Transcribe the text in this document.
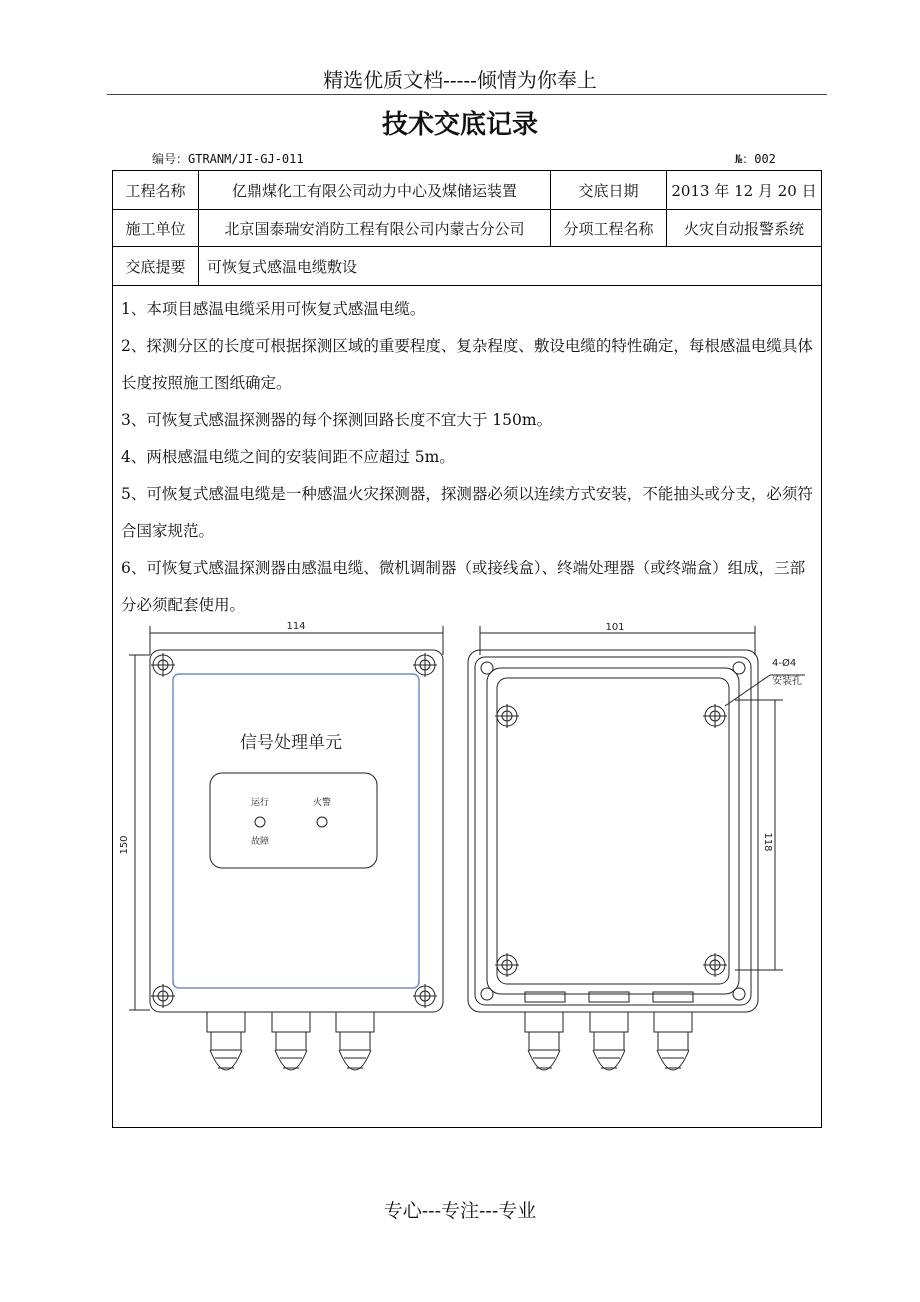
精选优质文档-----倾情为你奉上
技术交底记录
编号：GTRANM/JI-GJ-011	№：002
工程名称	亿鼎煤化工有限公司动力中心及煤储运装置	交底日期	2013 年 12 月 20 日
施工单位	北京国泰瑞安消防工程有限公司内蒙古分公司	分项工程名称	火灾自动报警系统
交底提要	可恢复式感温电缆敷设

1、本项目感温电缆采用可恢复式感温电缆。

2、探测分区的长度可根据探测区域的重要程度、复杂程度、敷设电缆的特性确定，每根感温电缆具体长度按照施工图纸确定。

3、可恢复式感温探测器的每个探测回路长度不宜大于 150m。

4、两根感温电缆之间的安装间距不应超过 5m。

5、可恢复式感温电缆是一种感温火灾探测器，探测器必须以连续方式安装，不能抽头或分支，必须符合国家规范。

6、可恢复式感温探测器由感温电缆、微机调制器（或接线盒）、终端处理器（或终端盒）组成，三部分必须配套使用。

114
150
信号处理单元
运行	火警
故障
101
118
4-Ø4
安装孔
专心---专注---专业
